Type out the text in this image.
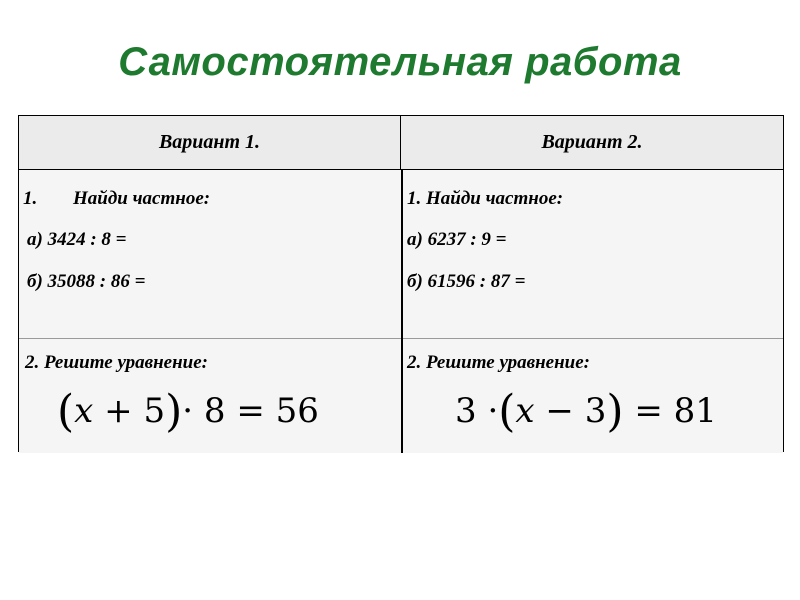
Самостоятельная работа
Вариант 1.	Вариант 2.
1. Найди частное:
а) 3424 : 8 =
б) 35088 : 86 =
2. Решите уравнение:
(x + 5)· 8 = 56
1. Найди частное:
а) 6237 : 9 =
б) 61596 : 87 =
2. Решите уравнение:
3 ·(x − 3) = 81
